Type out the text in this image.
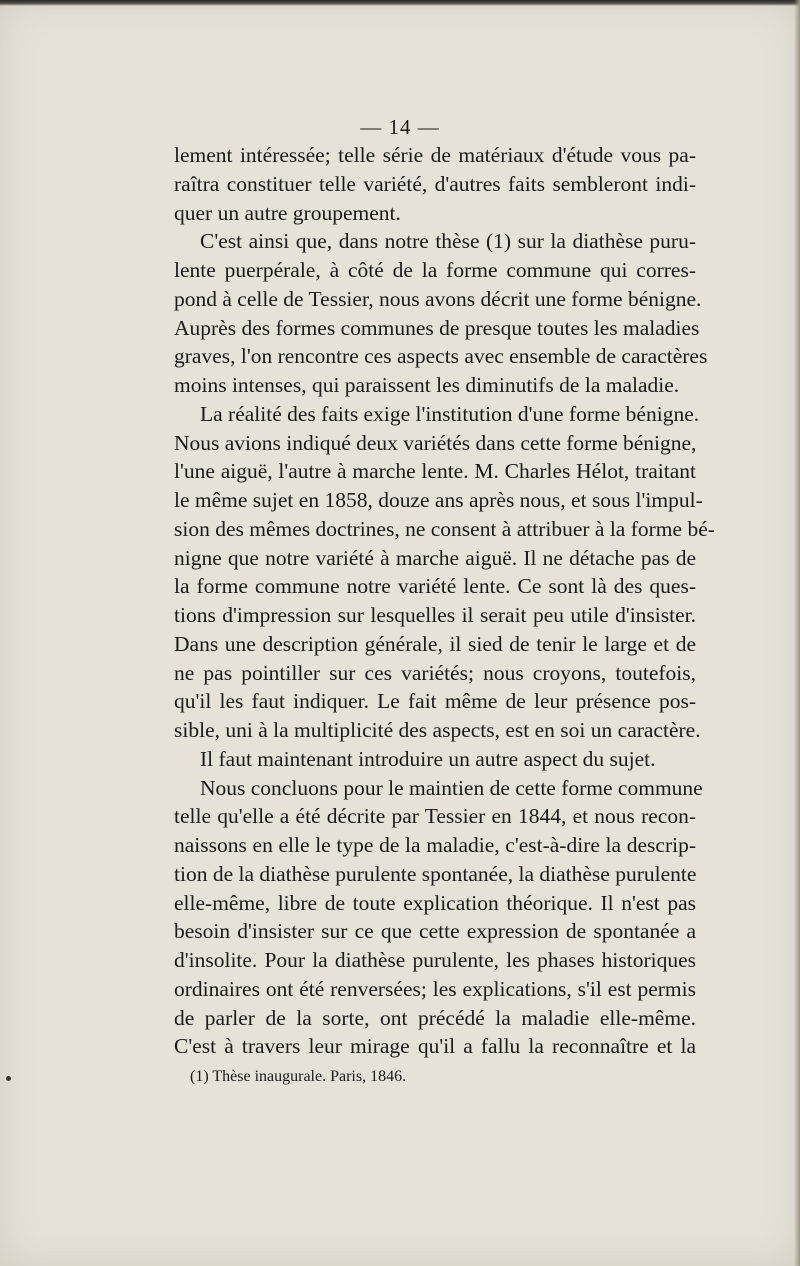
— 14 —
lement intéressée; telle série de matériaux d'étude vous pa-
raîtra constituer telle variété, d'autres faits sembleront indi-
quer un autre groupement.
C'est ainsi que, dans notre thèse (1) sur la diathèse puru-
lente puerpérale, à côté de la forme commune qui corres-
pond à celle de Tessier, nous avons décrit une forme bénigne.
Auprès des formes communes de presque toutes les maladies
graves, l'on rencontre ces aspects avec ensemble de caractères
moins intenses, qui paraissent les diminutifs de la maladie.
La réalité des faits exige l'institution d'une forme bénigne.
Nous avions indiqué deux variétés dans cette forme bénigne,
l'une aiguë, l'autre à marche lente. M. Charles Hélot, traitant
le même sujet en 1858, douze ans après nous, et sous l'impul-
sion des mêmes doctrines, ne consent à attribuer à la forme bé-
nigne que notre variété à marche aiguë. Il ne détache pas de
la forme commune notre variété lente. Ce sont là des ques-
tions d'impression sur lesquelles il serait peu utile d'insister.
Dans une description générale, il sied de tenir le large et de
ne pas pointiller sur ces variétés; nous croyons, toutefois,
qu'il les faut indiquer. Le fait même de leur présence pos-
sible, uni à la multiplicité des aspects, est en soi un caractère.
Il faut maintenant introduire un autre aspect du sujet.
Nous concluons pour le maintien de cette forme commune
telle qu'elle a été décrite par Tessier en 1844, et nous recon-
naissons en elle le type de la maladie, c'est-à-dire la descrip-
tion de la diathèse purulente spontanée, la diathèse purulente
elle-même, libre de toute explication théorique. Il n'est pas
besoin d'insister sur ce que cette expression de spontanée a
d'insolite. Pour la diathèse purulente, les phases historiques
ordinaires ont été renversées; les explications, s'il est permis
de parler de la sorte, ont précédé la maladie elle-même.
C'est à travers leur mirage qu'il a fallu la reconnaître et la
(1) Thèse inaugurale. Paris, 1846.
